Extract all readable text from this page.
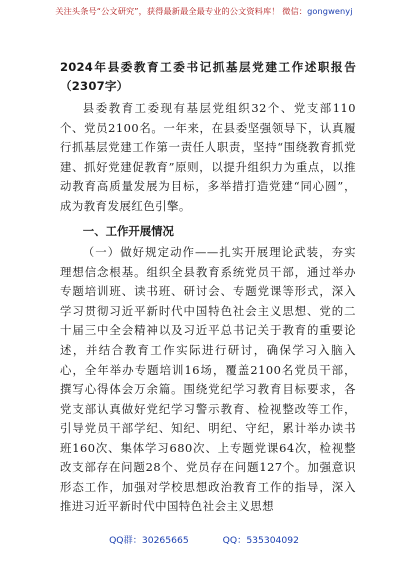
关注头条号“公文研究”，获得最新最全最专业的公文资料库！ 微信：gongwenyj
2024年县委教育工委书记抓基层党建工作述职报告（2307字）

县委教育工委现有基层党组织32个、党支部110个、党员2100名。一年来，在县委坚强领导下，认真履行抓基层党建工作第一责任人职责，坚持“围绕教育抓党建、抓好党建促教育”原则，以提升组织力为重点，以推动教育高质量发展为目标，多举措打造党建“同心圆”，成为教育发展红色引擎。

一、工作开展情况

（一）做好规定动作——扎实开展理论武装，夯实理想信念根基。组织全县教育系统党员干部，通过举办专题培训班、读书班、研讨会、专题党课等形式，深入学习贯彻习近平新时代中国特色社会主义思想、党的二十届三中全会精神以及习近平总书记关于教育的重要论述，并结合教育工作实际进行研讨，确保学习入脑入心，全年举办专题培训16场，覆盖2100名党员干部，撰写心得体会万余篇。围绕党纪学习教育目标要求，各党支部认真做好党纪学习警示教育、检视整改等工作，引导党员干部学纪、知纪、明纪、守纪，累计举办读书班160次、集体学习680次、上专题党课64次，检视整改支部存在问题28个、党员存在问题127个。加强意识形态工作，加强对学校思想政治教育工作的指导，深入推进习近平新时代中国特色社会主义思想

QQ群：30265665	QQ：535304092
